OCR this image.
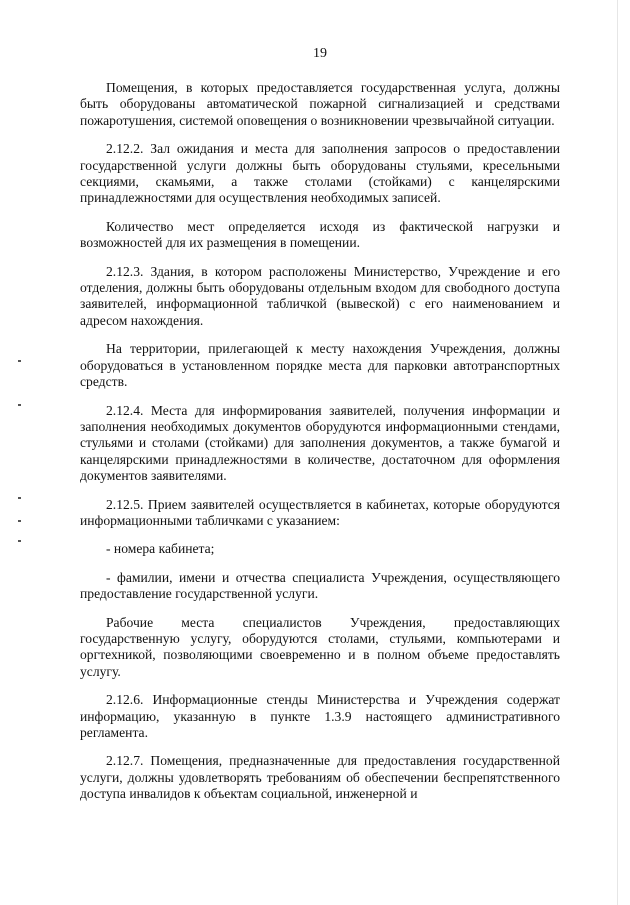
19

Помещения, в которых предоставляется государственная услуга, должны быть оборудованы автоматической пожарной сигнализацией и средствами пожаротушения, системой оповещения о возникновении чрезвычайной ситуации.

2.12.2. Зал ожидания и места для заполнения запросов о предоставлении государственной услуги должны быть оборудованы стульями, кресельными секциями, скамьями, а также столами (стойками) с канцелярскими принадлежностями для осуществления необходимых записей.

Количество мест определяется исходя из фактической нагрузки и возможностей для их размещения в помещении.

2.12.3. Здания, в котором расположены Министерство, Учреждение и его отделения, должны быть оборудованы отдельным входом для свободного доступа заявителей, информационной табличкой (вывеской) с его наименованием и адресом нахождения.

На территории, прилегающей к месту нахождения Учреждения, должны оборудоваться в установленном порядке места для парковки автотранспортных средств.

2.12.4. Места для информирования заявителей, получения информации и заполнения необходимых документов оборудуются информационными стендами, стульями и столами (стойками) для заполнения документов, а также бумагой и канцелярскими принадлежностями в количестве, достаточном для оформления документов заявителями.

2.12.5. Прием заявителей осуществляется в кабинетах, которые оборудуются информационными табличками с указанием:

- номера кабинета;

- фамилии, имени и отчества специалиста Учреждения, осуществляющего предоставление государственной услуги.

Рабочие места специалистов Учреждения, предоставляющих государственную услугу, оборудуются столами, стульями, компьютерами и оргтехникой, позволяющими своевременно и в полном объеме предоставлять услугу.

2.12.6. Информационные стенды Министерства и Учреждения содержат информацию, указанную в пункте 1.3.9 настоящего административного регламента.

2.12.7. Помещения, предназначенные для предоставления государственной услуги, должны удовлетворять требованиям об обеспечении беспрепятственного доступа инвалидов к объектам социальной, инженерной и
